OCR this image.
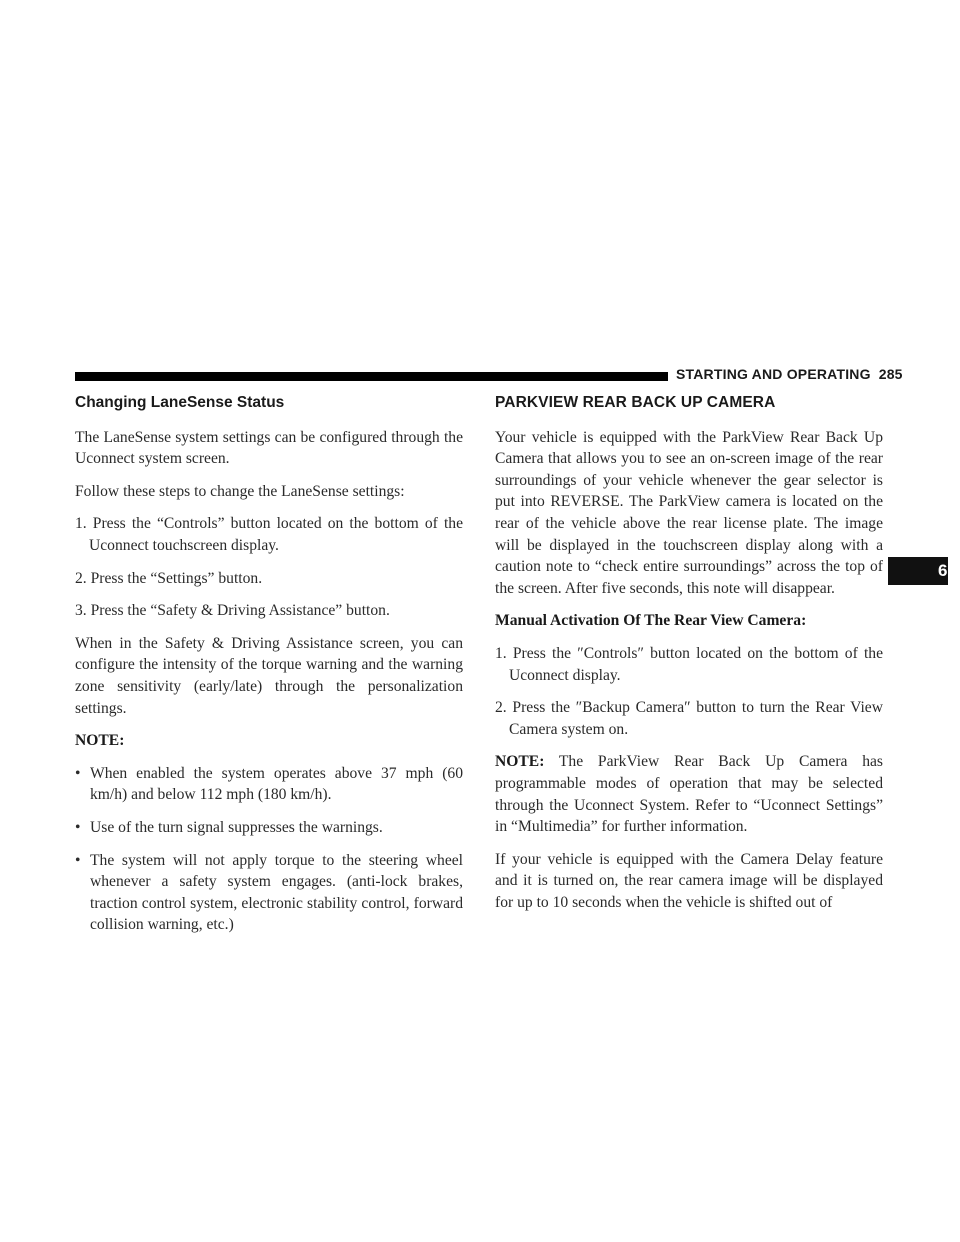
STARTING AND OPERATING 285
6
Changing LaneSense Status

The LaneSense system settings can be configured through the Uconnect system screen.

Follow these steps to change the LaneSense settings:

1. Press the “Controls” button located on the bottom of the Uconnect touchscreen display.
2. Press the “Settings” button.
3. Press the “Safety & Driving Assistance” button.

When in the Safety & Driving Assistance screen, you can configure the intensity of the torque warning and the warning zone sensitivity (early/late) through the personalization settings.

NOTE:

• When enabled the system operates above 37 mph (60 km/h) and below 112 mph (180 km/h).
• Use of the turn signal suppresses the warnings.
• The system will not apply torque to the steering wheel whenever a safety system engages. (anti-lock brakes, traction control system, electronic stability control, forward collision warning, etc.)
PARKVIEW REAR BACK UP CAMERA

Your vehicle is equipped with the ParkView Rear Back Up Camera that allows you to see an on-screen image of the rear surroundings of your vehicle whenever the gear selector is put into REVERSE. The ParkView camera is located on the rear of the vehicle above the rear license plate. The image will be displayed in the touchscreen display along with a caution note to “check entire surroundings” across the top of the screen. After five seconds, this note will disappear.

Manual Activation Of The Rear View Camera:

1. Press the ″Controls″ button located on the bottom of the Uconnect display.
2. Press the ″Backup Camera″ button to turn the Rear View Camera system on.

NOTE: The ParkView Rear Back Up Camera has programmable modes of operation that may be selected through the Uconnect System. Refer to “Uconnect Settings” in “Multimedia” for further information.

If your vehicle is equipped with the Camera Delay feature and it is turned on, the rear camera image will be displayed for up to 10 seconds when the vehicle is shifted out of
